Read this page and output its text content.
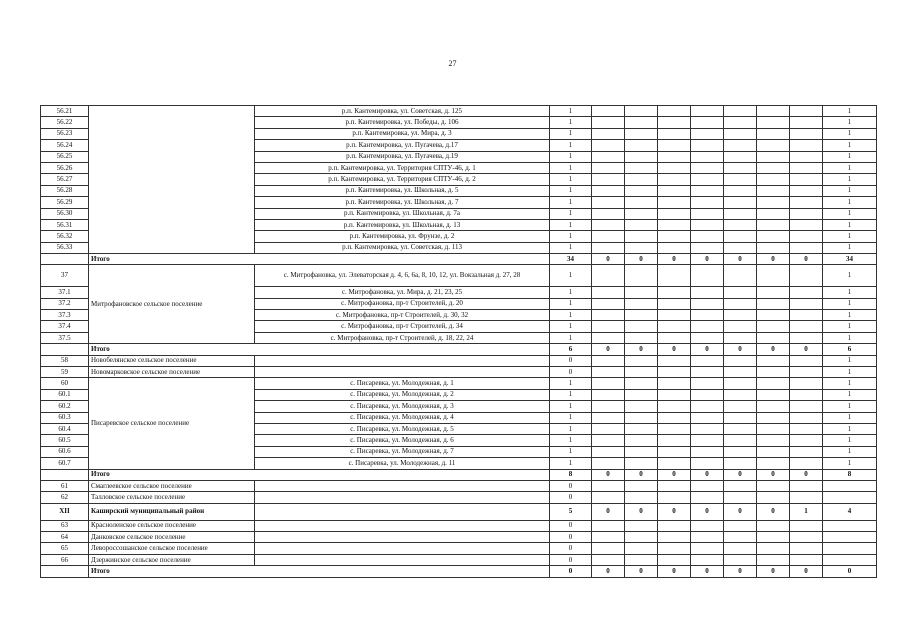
27
56.21		р.п. Кантемировка, ул. Советская, д. 125	1								1
56.22		р.п. Кантемировка, ул. Победы, д. 106	1								1
56.23		р.п. Кантемировка, ул. Мира, д. 3	1								1
56.24		р.п. Кантемировка, ул. Пугачева, д.17	1								1
56.25		р.п. Кантемировка, ул. Пугачева, д.19	1								1
56.26		р.п. Кантемировка, ул. Территория СПТУ-46, д. 1	1								1
56.27		р.п. Кантемировка, ул. Территория СПТУ-46, д. 2	1								1
56.28		р.п. Кантемировка, ул. Школьная, д. 5	1								1
56.29		р.п. Кантемировка, ул. Школьная, д. 7	1								1
56.30		р.п. Кантемировка, ул. Школьная, д. 7а	1								1
56.31		р.п. Кантемировка, ул. Школьная, д. 13	1								1
56.32		р.п. Кантемировка, ул. Фрунзе, д. 2	1								1
56.33		р.п. Кантемировка, ул. Советская, д. 113	1								1
	Итого		34	0	0	0	0	0	0	0	34
37	Митрофановское сельское поселение	с. Митрофановка, ул. Элеваторская д. 4, 6, 6а, 8, 10, 12, ул. Вокзальная д. 27, 28	1								1
37.1		с. Митрофановка, ул. Мира, д. 21, 23, 25	1								1
37.2		с. Митрофановка, пр-т Строителей, д. 20	1								1
37.3		с. Митрофановка, пр-т Строителей, д. 30, 32	1								1
37.4		с. Митрофановка, пр-т Строителей, д. 34	1								1
37.5		с. Митрофановка, пр-т Строителей, д. 18, 22, 24	1								1
	Итого		6	0	0	0	0	0	0	0	6
58	Новобелянское сельское поселение		0								1
59	Новомарковское сельское поселение		0								1
60	Писаревское сельское поселение	с. Писаревка, ул. Молодежная, д. 1	1								1
60.1		с. Писаревка, ул. Молодежная, д. 2	1								1
60.2		с. Писаревка, ул. Молодежная, д. 3	1								1
60.3		с. Писаревка, ул. Молодежная, д. 4	1								1
60.4		с. Писаревка, ул. Молодежная, д. 5	1								1
60.5		с. Писаревка, ул. Молодежная, д. 6	1								1
60.6		с. Писаревка, ул. Молодежная, д. 7	1								1
60.7		с. Писаревка, ул. Молодежная, д. 11	1								1
	Итого		8	0	0	0	0	0	0	0	8
61	Смаглеевское сельское поселение		0								
62	Талловское сельское поселение		0								
XII	Каширский муниципальный район		5	0	0	0	0	0	0	1	4
63	Красноленское сельское поселение		0								
64	Данковское сельское поселение		0								
65	Левороссошанское сельское поселение		0								
66	Дзержинское сельское поселение		0								
	Итого		0	0	0	0	0	0	0	0	0
